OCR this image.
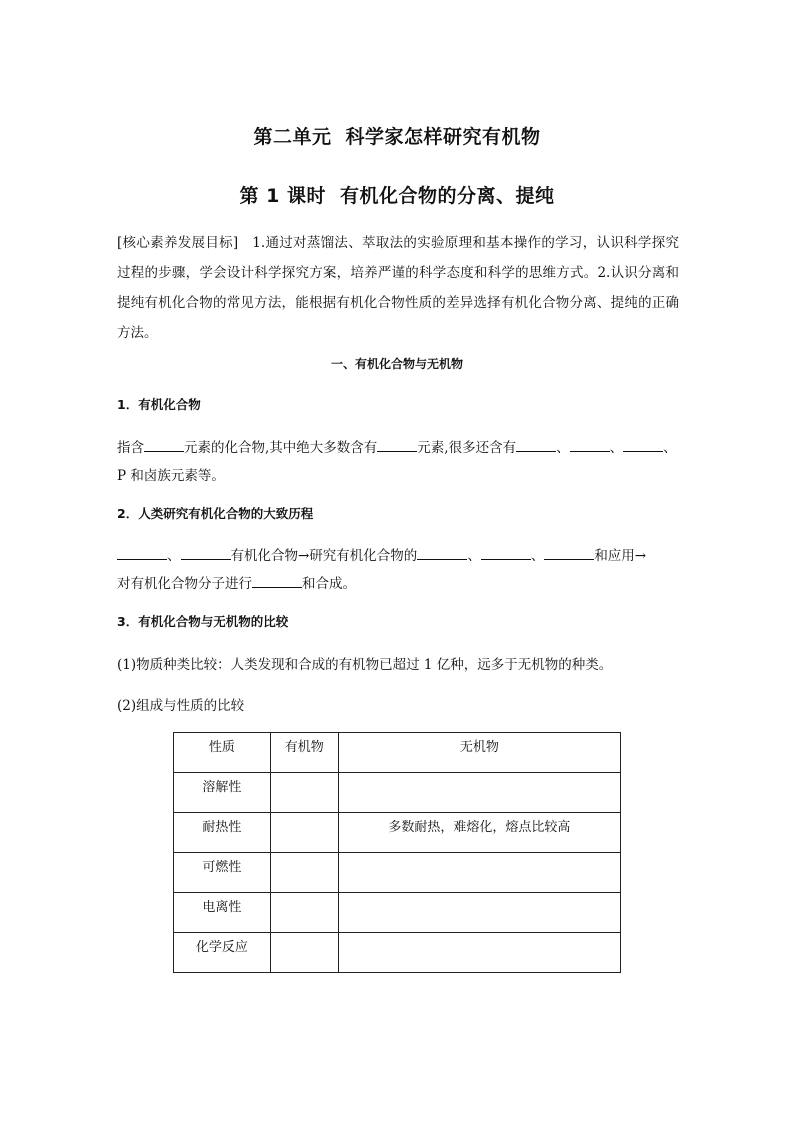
第二单元 科学家怎样研究有机物
第 1 课时 有机化合物的分离、提纯
[核心素养发展目标]　1.通过对蒸馏法、萃取法的实验原理和基本操作的学习，认识科学探究过程的步骤，学会设计科学探究方案，培养严谨的科学态度和科学的思维方式。2.认识分离和提纯有机化合物的常见方法，能根据有机化合物性质的差异选择有机化合物分离、提纯的正确方法。
一、有机化合物与无机物
1．有机化合物
指含	元素的化合物,其中绝大多数含有	元素,很多还含有	、	、	、
P 和卤族元素等。
2．人类研究有机化合物的大致历程
、	有机化合物→研究有机化合物的	、	、	和应用→
对有机化合物分子进行	和合成。
3．有机化合物与无机物的比较
(1)物质种类比较：人类发现和合成的有机物已超过 1 亿种，远多于无机物的种类。
(2)组成与性质的比较
性质	有机物	无机物
溶解性		
耐热性		多数耐热，难熔化，熔点比较高
可燃性		
电离性		
化学反应		
